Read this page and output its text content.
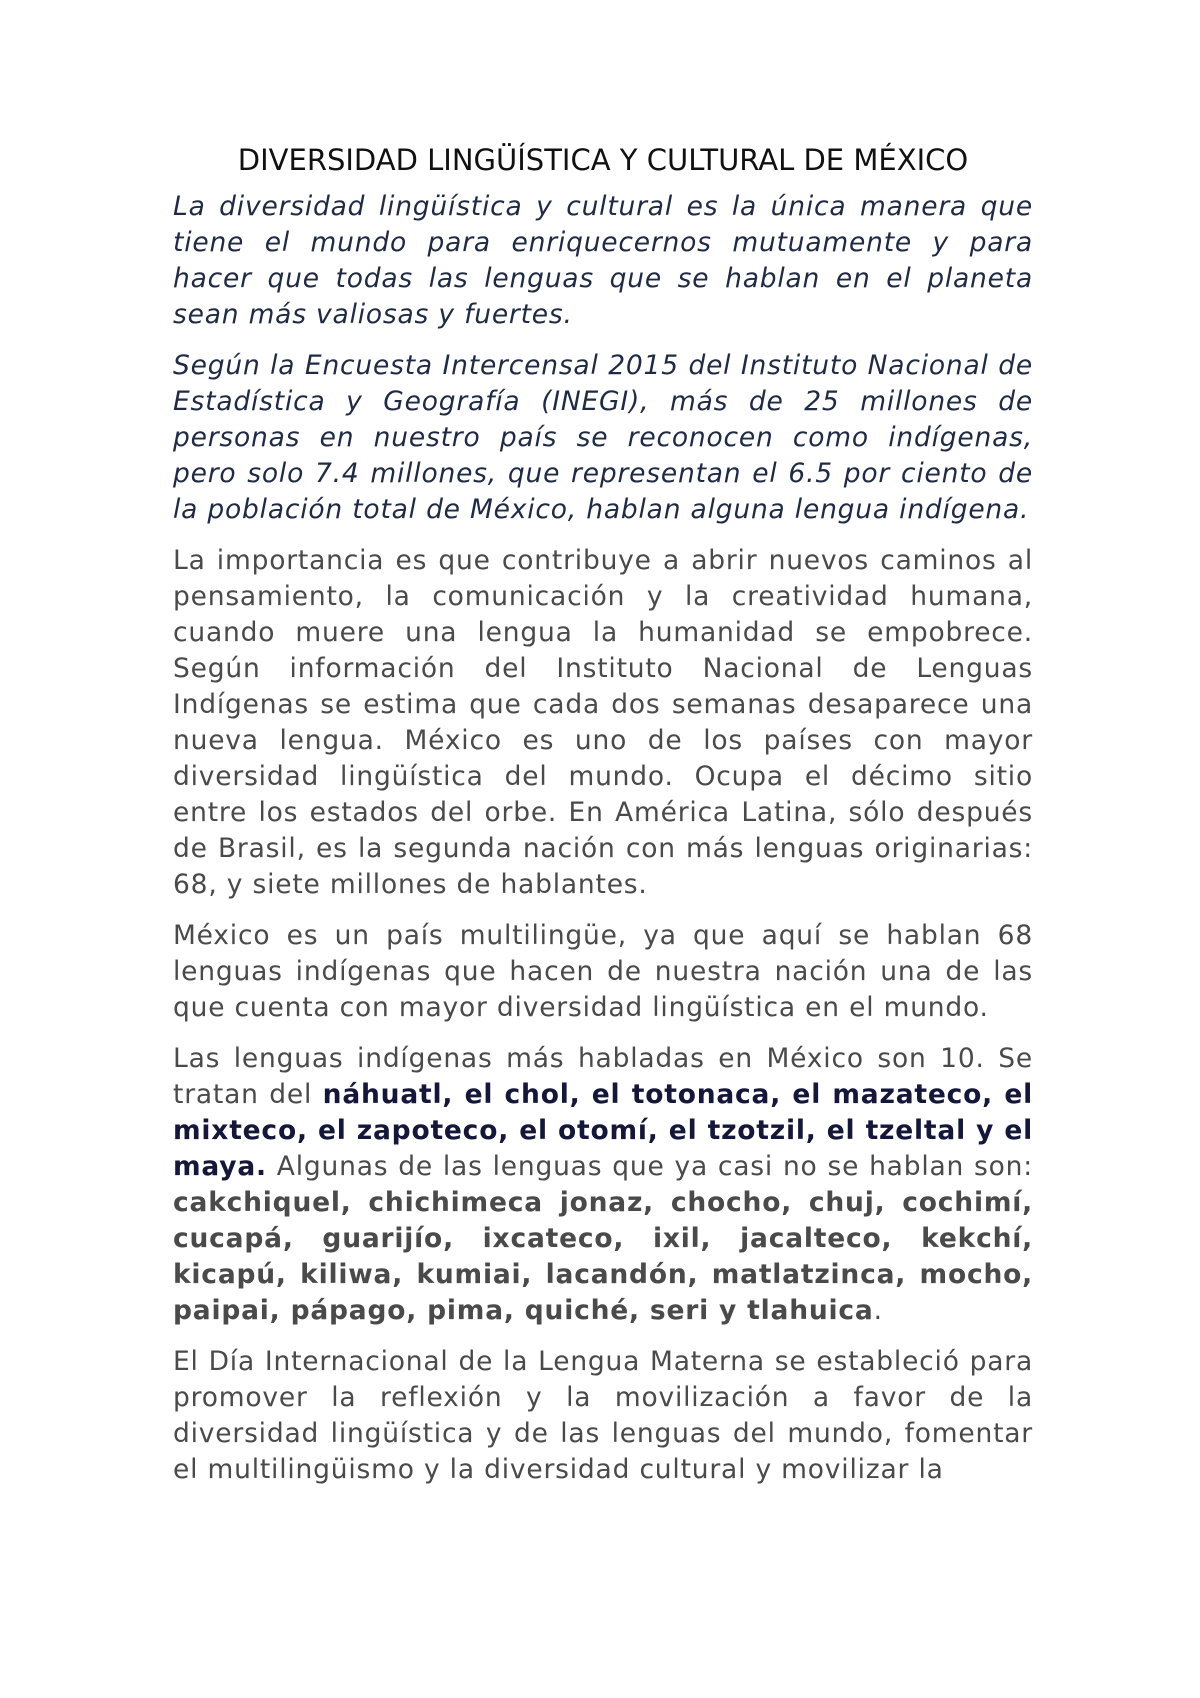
DIVERSIDAD LINGÜÍSTICA Y CULTURAL DE MÉXICO

La diversidad lingüística y cultural es la única manera que tiene el mundo para enriquecernos mutuamente y para hacer que todas las lenguas que se hablan en el planeta sean más valiosas y fuertes.

Según la Encuesta Intercensal 2015 del Instituto Nacional de Estadística y Geografía (INEGI), más de 25 millones de personas en nuestro país se reconocen como indígenas, pero solo 7.4 millones, que representan el 6.5 por ciento de la población total de México, hablan alguna lengua indígena.

La importancia es que contribuye a abrir nuevos caminos al pensamiento, la comunicación y la creatividad humana, cuando muere una lengua la humanidad se empobrece. Según información del Instituto Nacional de Lenguas Indígenas se estima que cada dos semanas desaparece una nueva lengua. México es uno de los países con mayor diversidad lingüística del mundo. Ocupa el décimo sitio entre los estados del orbe. En América Latina, sólo después de Brasil, es la segunda nación con más lenguas originarias: 68, y siete millones de hablantes.

México es un país multilingüe, ya que aquí se hablan 68 lenguas indígenas que hacen de nuestra nación una de las que cuenta con mayor diversidad lingüística en el mundo.

Las lenguas indígenas más habladas en México son 10. Se tratan del náhuatl, el chol, el totonaca, el mazateco, el mixteco, el zapoteco, el otomí, el tzotzil, el tzeltal y el maya. Algunas de las lenguas que ya casi no se hablan son: cakchiquel, chichimeca jonaz, chocho, chuj, cochimí, cucapá, guarijío, ixcateco, ixil, jacalteco, kekchí, kicapú, kiliwa, kumiai, lacandón, matlatzinca, mocho, paipai, pápago, pima, quiché, seri y tlahuica.

El Día Internacional de la Lengua Materna se estableció para promover la reflexión y la movilización a favor de la diversidad lingüística y de las lenguas del mundo, fomentar el multilingüismo y la diversidad cultural y movilizar la
